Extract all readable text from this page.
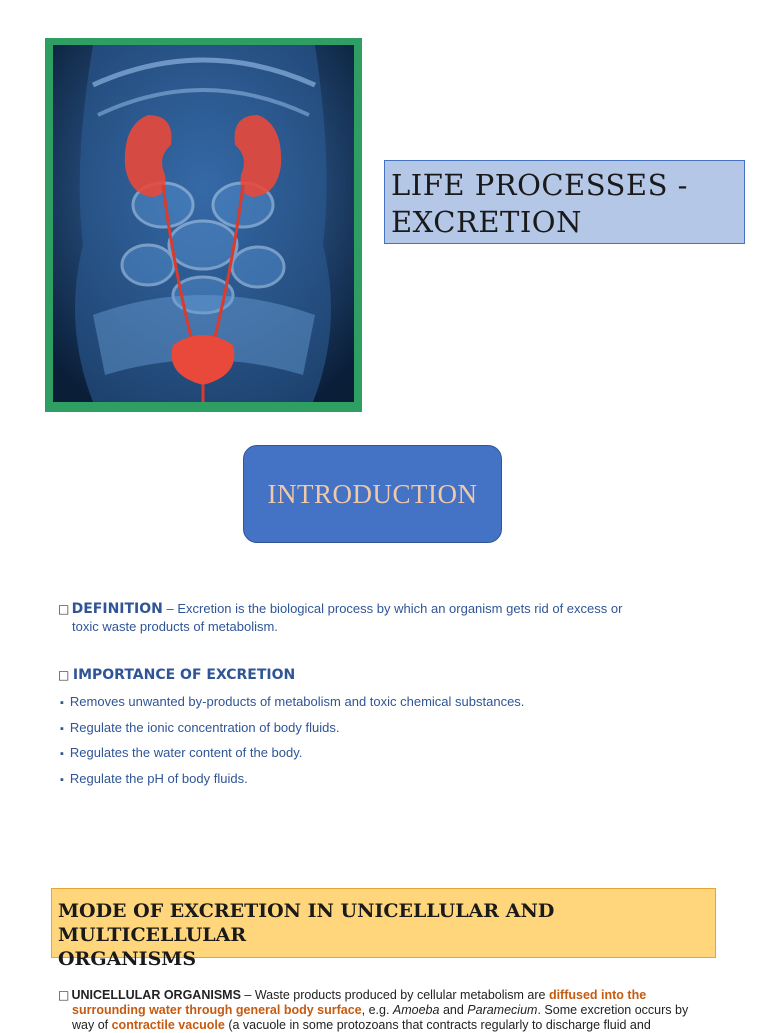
LIFE PROCESSES -
EXCRETION
INTRODUCTION
□ DEFINITION – Excretion is the biological process by which an organism gets rid of excess or
toxic waste products of metabolism.
□ IMPORTANCE OF EXCRETION
▪ Removes unwanted by-products of metabolism and toxic chemical substances.
▪ Regulate the ionic concentration of body fluids.
▪ Regulates the water content of the body.
▪ Regulate the pH of body fluids.
MODE OF EXCRETION IN UNICELLULAR AND MULTICELLULAR
ORGANISMS
□ UNICELLULAR ORGANISMS – Waste products produced by cellular metabolism are diffused into the
surrounding water through general body surface, e.g. Amoeba and Paramecium. Some excretion occurs by
way of contractile vacuole (a vacuole in some protozoans that contracts regularly to discharge fluid and
